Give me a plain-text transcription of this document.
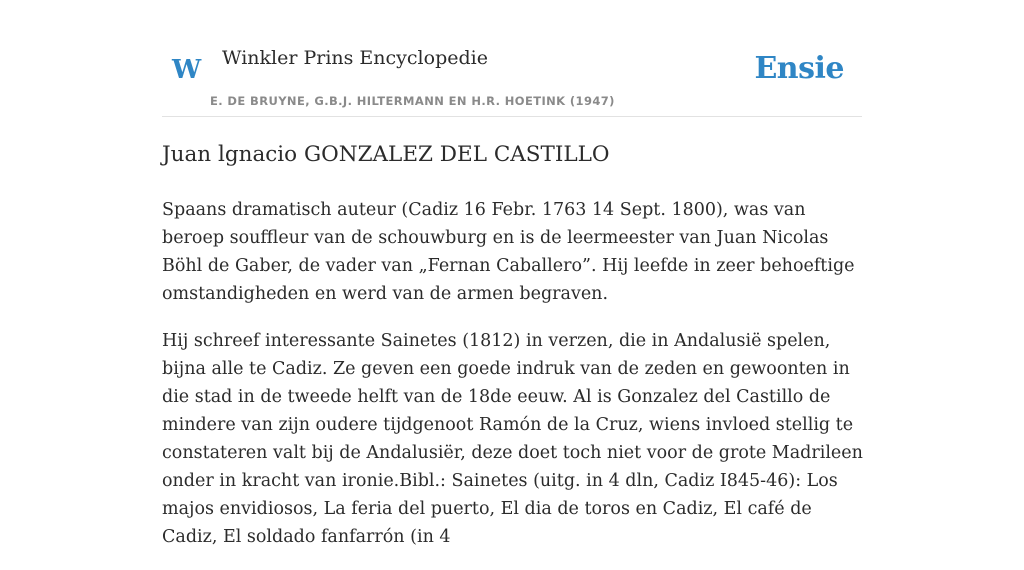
W Winkler Prins Encyclopedie
E. DE BRUYNE, G.B.J. HILTERMANN EN H.R. HOETINK (1947)
Ensie
Juan lgnacio GONZALEZ DEL CASTILLO

Spaans dramatisch auteur (Cadiz 16 Febr. 1763 14 Sept. 1800), was van beroep souffleur van de schouwburg en is de leermeester van Juan Nicolas Böhl de Gaber, de vader van „Fernan Caballero”. Hij leefde in zeer behoeftige omstandigheden en werd van de armen begraven.

Hij schreef interessante Sainetes (1812) in verzen, die in Andalusië spelen, bijna alle te Cadiz. Ze geven een goede indruk van de zeden en gewoonten in die stad in de tweede helft van de 18de eeuw. Al is Gonzalez del Castillo de mindere van zijn oudere tijdgenoot Ramón de la Cruz, wiens invloed stellig te constateren valt bij de Andalusiër, deze doet toch niet voor de grote Madrileen onder in kracht van ironie.Bibl.: Sainetes (uitg. in 4 dln, Cadiz I845-46): Los majos envidiosos, La feria del puerto, El dia de toros en Cadiz, El café de Cadiz, El soldado fanfarrón (in 4
